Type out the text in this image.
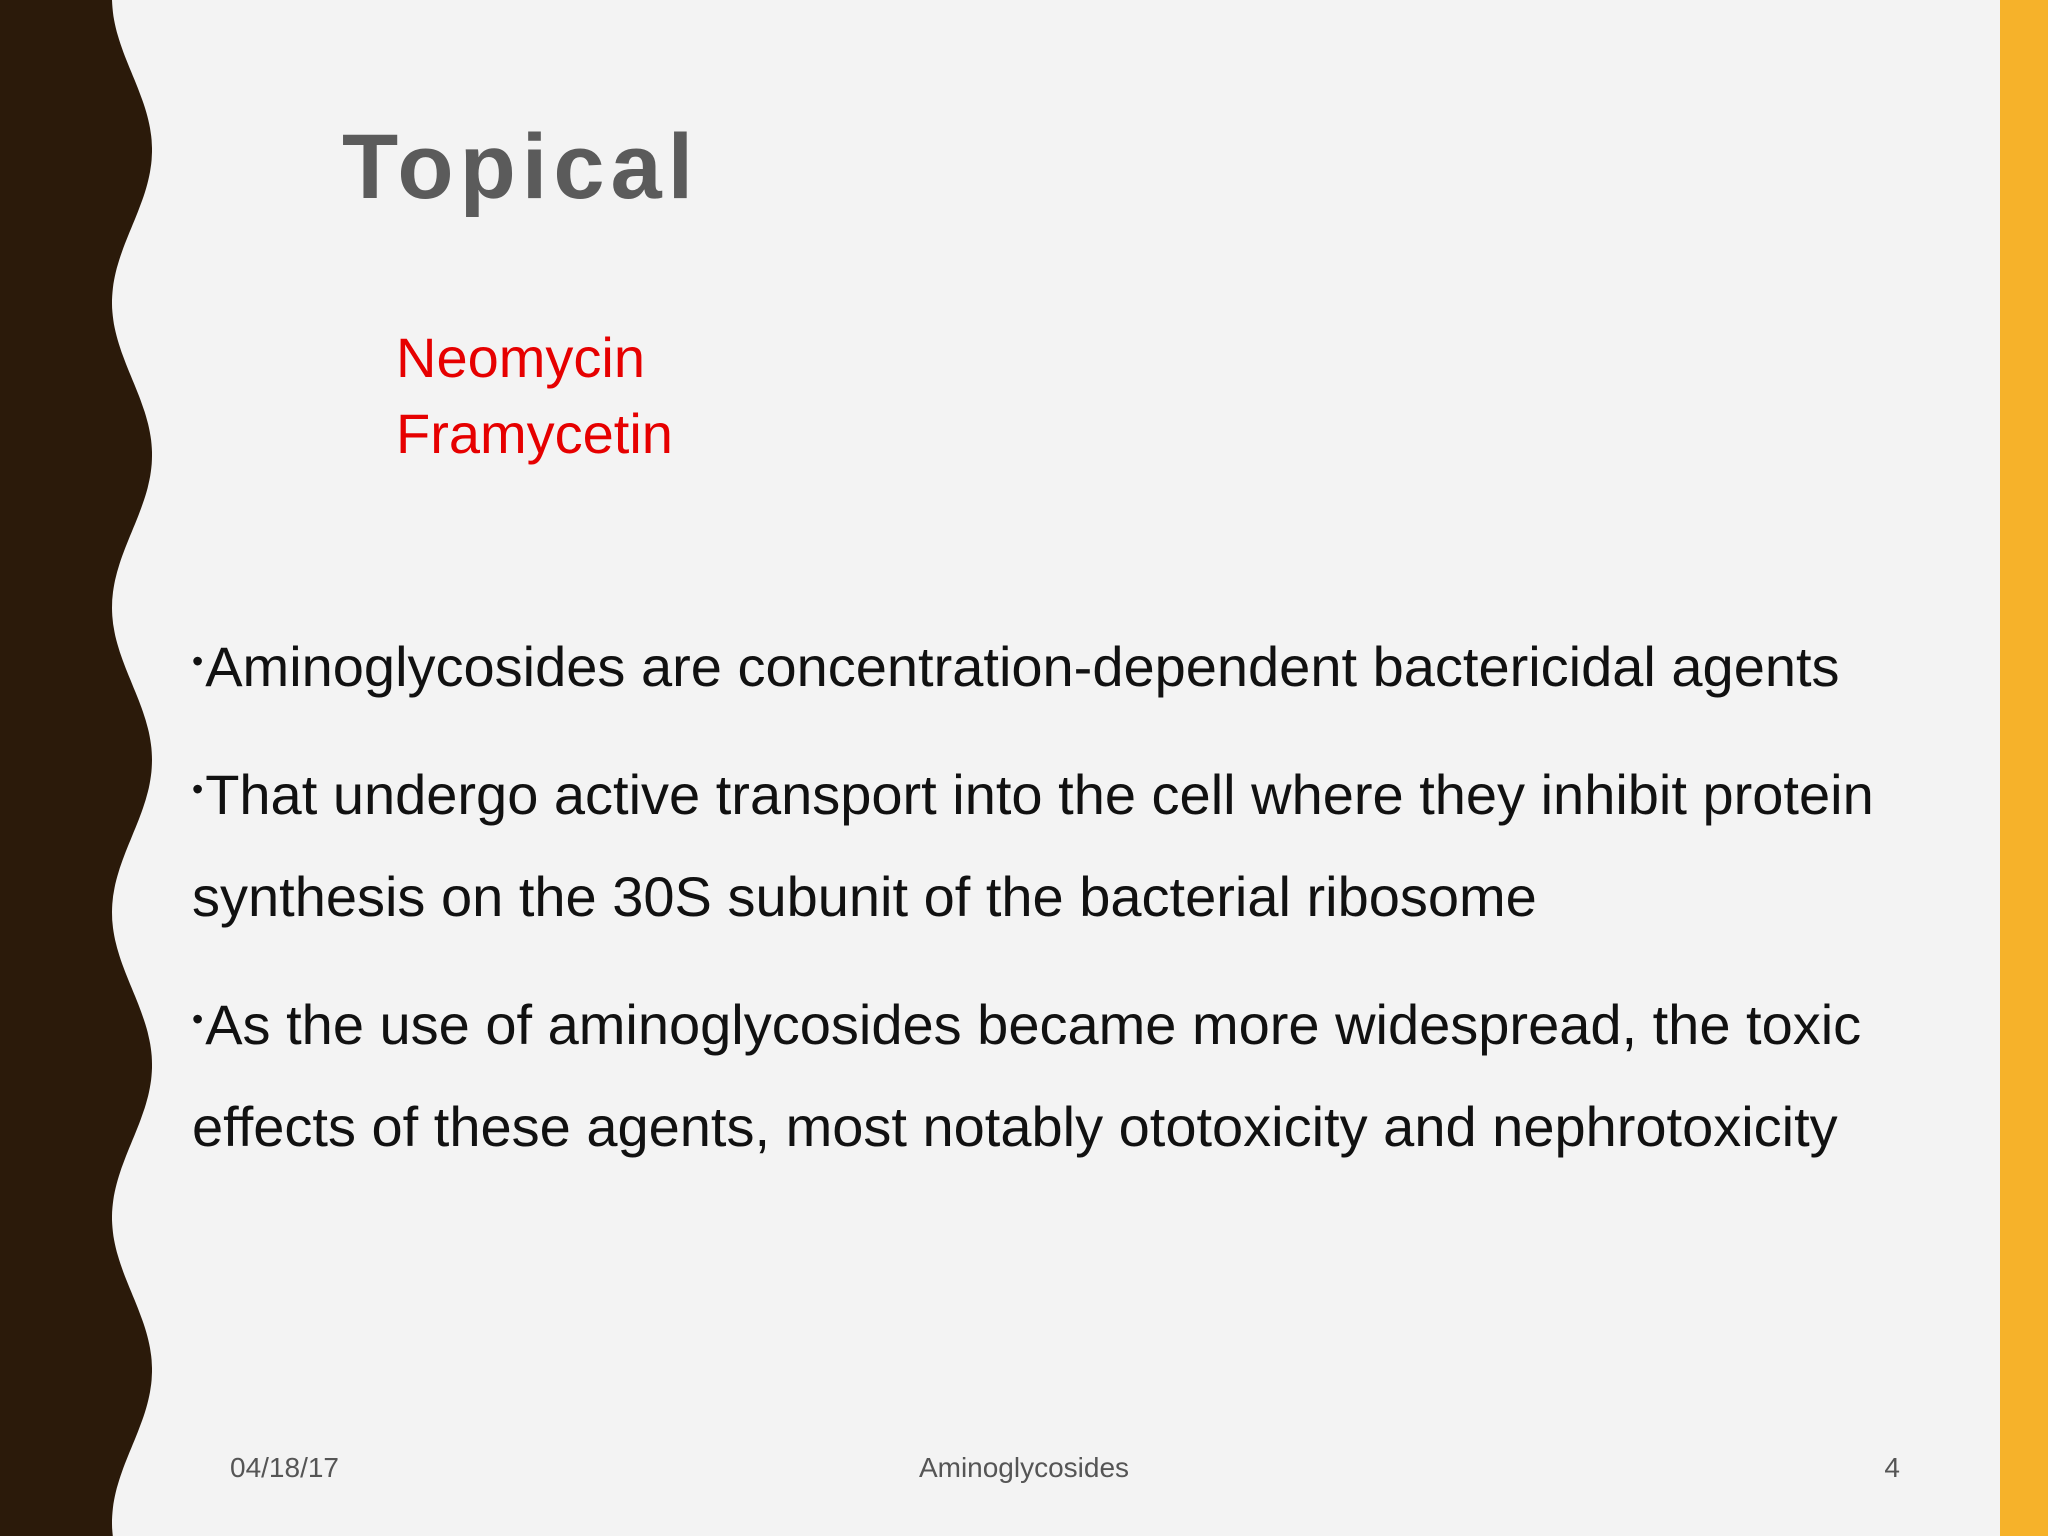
Topical
Neomycin
Framycetin
•Aminoglycosides are concentration-dependent bactericidal agents
•That undergo active transport into the cell where they inhibit protein synthesis on the 30S subunit of the bacterial ribosome
•As the use of aminoglycosides became more widespread, the toxic effects of these agents, most notably ototoxicity and nephrotoxicity
04/18/17	Aminoglycosides	4
